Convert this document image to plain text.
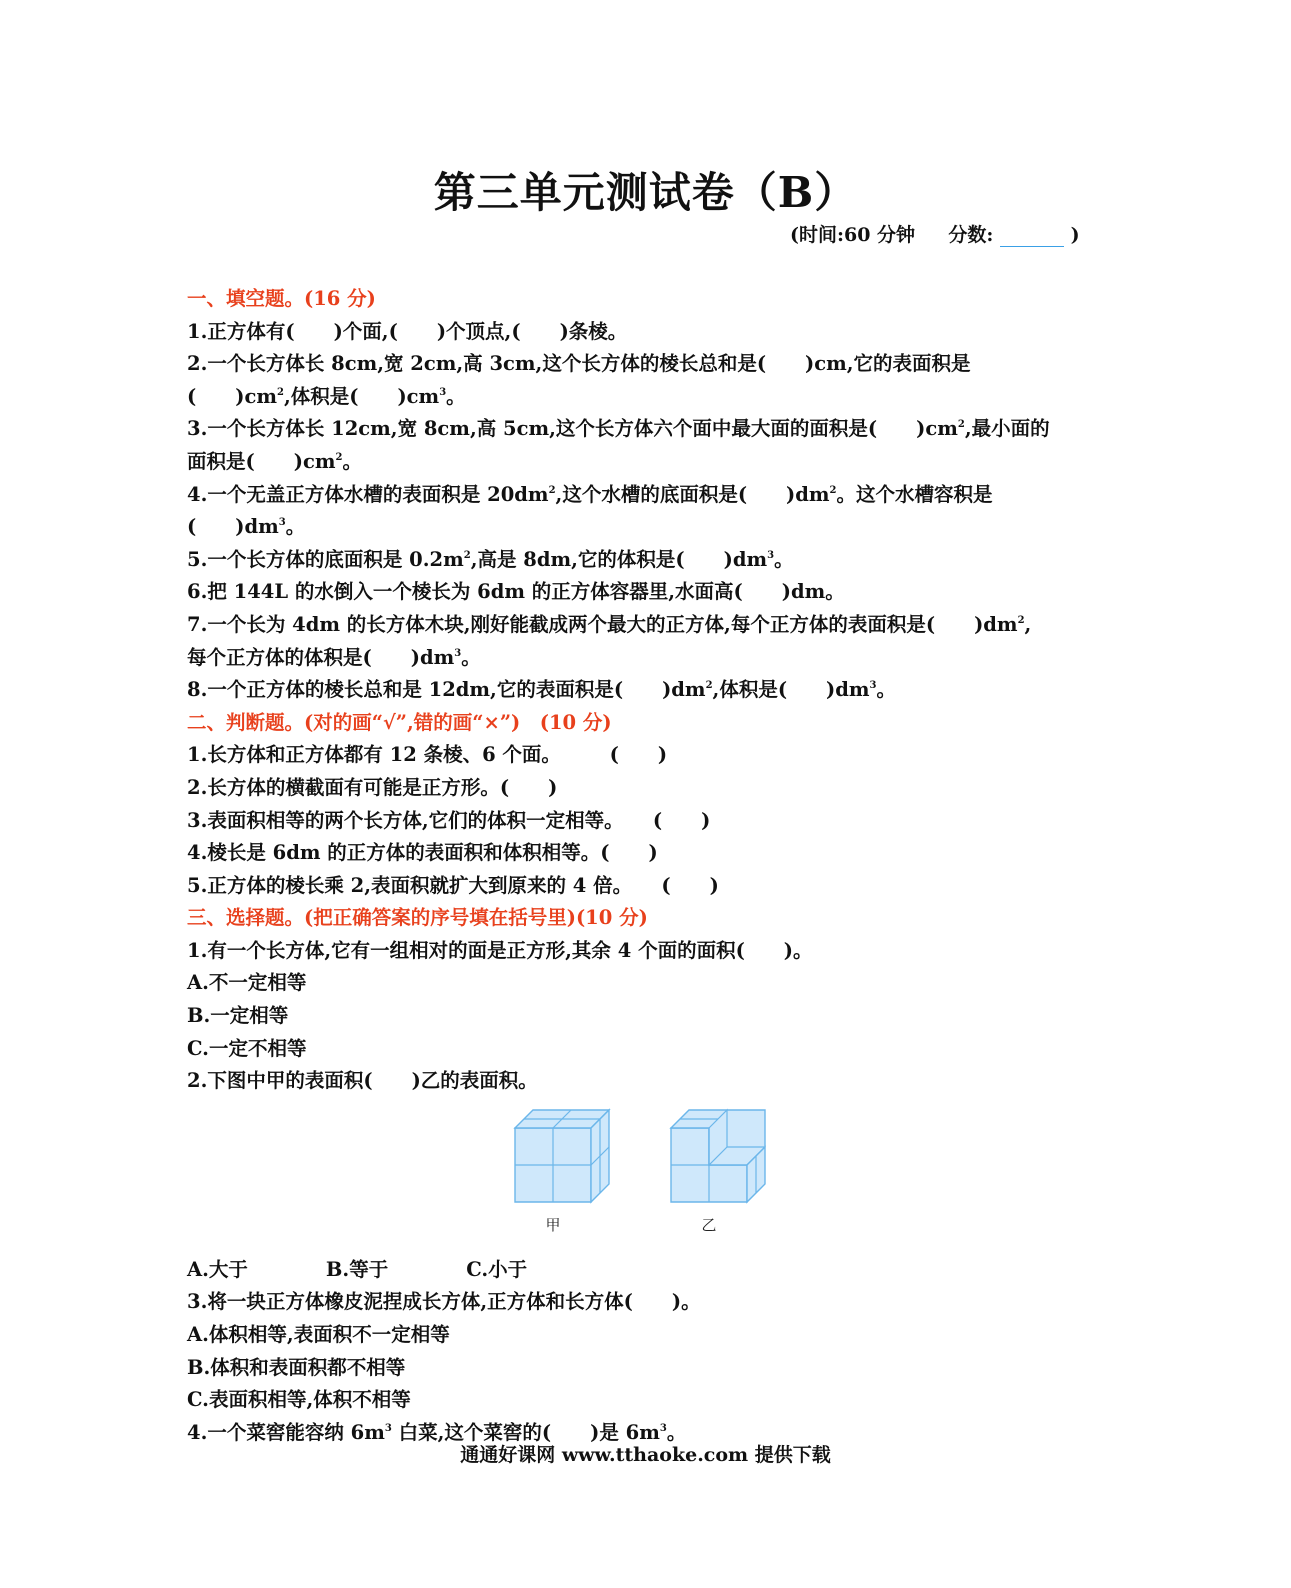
第三单元测试卷（B）
(时间:60 分钟 分数:	)
一、填空题。(16 分)
1.正方体有(　　)个面,(　　)个顶点,(　　)条棱。
2.一个长方体长 8cm,宽 2cm,高 3cm,这个长方体的棱长总和是(　　)cm,它的表面积是
(　　)$cm^2$,体积是(　　)$cm^3$。
3.一个长方体长 12cm,宽 8cm,高 5cm,这个长方体六个面中最大面的面积是(　　)$cm^2$,最小面的
面积是(　　)$cm^2$。
4.一个无盖正方体水槽的表面积是 $20dm^2$,这个水槽的底面积是(　　)$dm^2$。这个水槽容积是
(　　)$dm^3$。
5.一个长方体的底面积是 $0.2m^2$,高是 8dm,它的体积是(　　)$dm^3$。
6.把 144L 的水倒入一个棱长为 6dm 的正方体容器里,水面高(　　)dm。
7.一个长为 4dm 的长方体木块,刚好能截成两个最大的正方体,每个正方体的表面积是(　　)$dm^2$,
每个正方体的体积是(　　)$dm^3$。
8.一个正方体的棱长总和是 12dm,它的表面积是(　　)$dm^2$,体积是(　　)$dm^3$。
二、判断题。(对的画“√”,错的画“×”)　(10 分)
1.长方体和正方体都有 12 条棱、6 个面。　　　(　　)
2.长方体的横截面有可能是正方形。(　　)
3.表面积相等的两个长方体,它们的体积一定相等。　　(　　)
4.棱长是 6dm 的正方体的表面积和体积相等。(　　)
5.正方体的棱长乘 2,表面积就扩大到原来的 4 倍。　　(　　)
三、选择题。(把正确答案的序号填在括号里)(10 分)
1.有一个长方体,它有一组相对的面是正方形,其余 4 个面的面积(　　)。
A.不一定相等
B.一定相等
C.一定不相等
2.下图中甲的表面积(　　)乙的表面积。
甲	乙
A.大于　　　　B.等于　　　　C.小于
3.将一块正方体橡皮泥捏成长方体,正方体和长方体(　　)。
A.体积相等,表面积不一定相等
B.体积和表面积都不相等
C.表面积相等,体积不相等
4.一个菜窖能容纳 $6m^3$ 白菜,这个菜窖的(　　)是 $6m^3$。
通通好课网 www.tthaoke.com 提供下载
